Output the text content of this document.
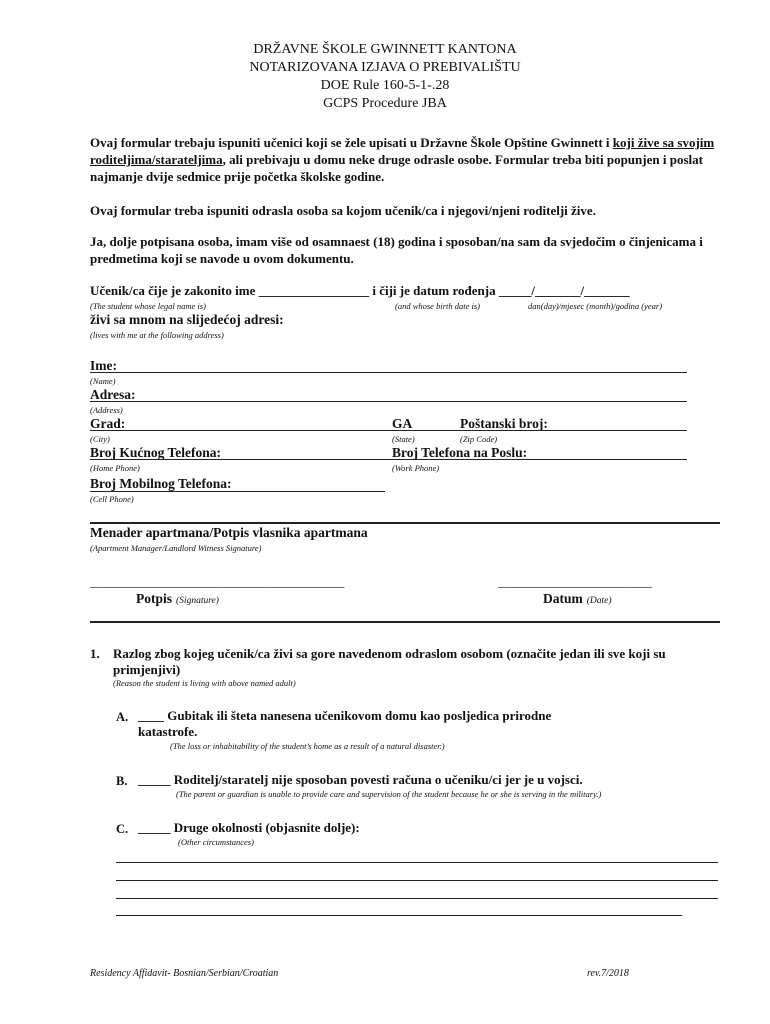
DRŽAVNE ŠKOLE GWINNETT KANTONA
NOTARIZOVANA IZJAVA O PREBIVALIŠTU
DOE Rule 160-5-1-.28
GCPS Procedure JBA
Ovaj formular trebaju ispuniti učenici koji se žele upisati u Državne Škole Opštine Gwinnett i koji žive sa svojim roditeljima/starateljima, ali prebivaju u domu neke druge odrasle osobe. Formular treba biti popunjen i poslat najmanje dvije sedmice prije početka školske godine.
Ovaj formular treba ispuniti odrasla osoba sa kojom učenik/ca i njegovi/njeni roditelji žive.
Ja, dolje potpisana osoba, imam više od osamnaest (18) godina i sposoban/na sam da svjedočim o činjenicama i predmetima koji se navode u ovom dokumentu.
Učenik/ca čije je zakonito ime _________________ i čiji je datum rođenja _____/_______/_______
(The student whose legal name is)	(and whose birth date is)	dan(day)/mjesec (month)/godina (year)
živi sa mnom na slijedećoj adresi:
(lives with me at the following address)
Ime:
(Name)
Adresa:
(Address)
Grad:	GA	Poštanski broj:
(City)	(State)	(Zip Code)
Broj Kućnog Telefona:	Broj Telefona na Poslu:
(Home Phone)	(Work Phone)
Broj Mobilnog Telefona:
(Cell Phone)
Menader apartmana/Potpis vlasnika apartmana
(Apartment Manager/Landlord Witness Signature)
______________________________________	_______________________
Potpis (Signature)	Datum (Date)
1. Razlog zbog kojeg učenik/ca živi sa gore navedenom odraslom osobom (označite jedan ili sve koji su primjenjivi)
(Reason the student is living with above named adult)
A. ____ Gubitak ili šteta nanesena učenikovom domu kao posljedica prirodne katastrofe.
(The loss or inhabitability of the student’s home as a result of a natural disaster.)
B. _____ Roditelj/staratelj nije sposoban povesti računa o učeniku/ci jer je u vojsci.
(The parent or guardian is unable to provide care and supervision of the student because he or she is serving in the military.)
C. _____ Druge okolnosti (objasnite dolje):
(Other circumstances)
Residency Affidavit- Bosnian/Serbian/Croatian	rev.7/2018
